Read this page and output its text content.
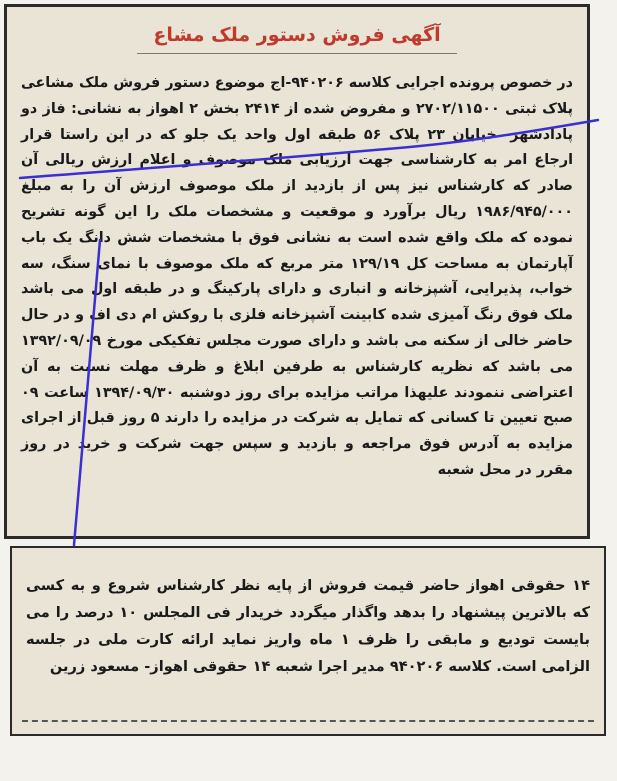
آگهی فروش دستور ملک مشاع

در خصوص پرونده اجرایی کلاسه ۹۴۰۲۰۶-اج موضوع دستور فروش ملک مشاعی پلاک ثبتی ۲۷۰۲/۱۱۵۰۰ و مفروض شده از ۲۴۱۴ بخش ۲ اهواز به نشانی: فاز دو پادادشهر- خیابان ۲۳ پلاک ۵۶ طبقه اول واحد یک جلو که در این راستا قرار ارجاع امر به کارشناسی جهت ارزیابی ملک موصوف و اعلام ارزش ریالی آن صادر که کارشناس نیز پس از بازدید از ملک موصوف ارزش آن را به مبلغ ۱۹۸۶/۹۴۵/۰۰۰ ریال برآورد و موقعیت و مشخصات ملک را این گونه تشریح نموده که ملک واقع شده است به نشانی فوق با مشخصات شش دانگ یک باب آپارتمان به مساحت کل ۱۲۹/۱۹ متر مربع که ملک موصوف با نمای سنگ، سه خواب، پذیرایی، آشپزخانه و انباری و دارای پارکینگ و در طبقه اول می باشد ملک فوق رنگ آمیزی شده کابینت آشپزخانه فلزی با روکش ام دی اف و در حال حاضر خالی از سکنه می باشد و دارای صورت مجلس تفکیکی مورخ ۱۳۹۲/۰۹/۰۹ می باشد که نظریه کارشناس به طرفین ابلاغ و ظرف مهلت نسبت به آن اعتراضی ننمودند علیهذا مراتب مزایده برای روز دوشنبه ۱۳۹۴/۰۹/۳۰ ساعت ۰۹ صبح تعیین تا کسانی که تمایل به شرکت در مزایده را دارند ۵ روز قبل از اجرای مزایده به آدرس فوق مراجعه و بازدید و سپس جهت شرکت و خرید در روز مقرر در محل شعبه

۱۴ حقوقی اهواز حاضر قیمت فروش از پایه نظر کارشناس شروع و به کسی که بالاترین پیشنهاد را بدهد واگذار میگردد خریدار فی المجلس ۱۰ درصد را می بایست تودیع و مابقی را ظرف ۱ ماه واریز نماید ارائه کارت ملی در جلسه الزامی است. کلاسه ۹۴۰۲۰۶ مدیر اجرا شعبه ۱۴ حقوقی اهواز- مسعود زرین
